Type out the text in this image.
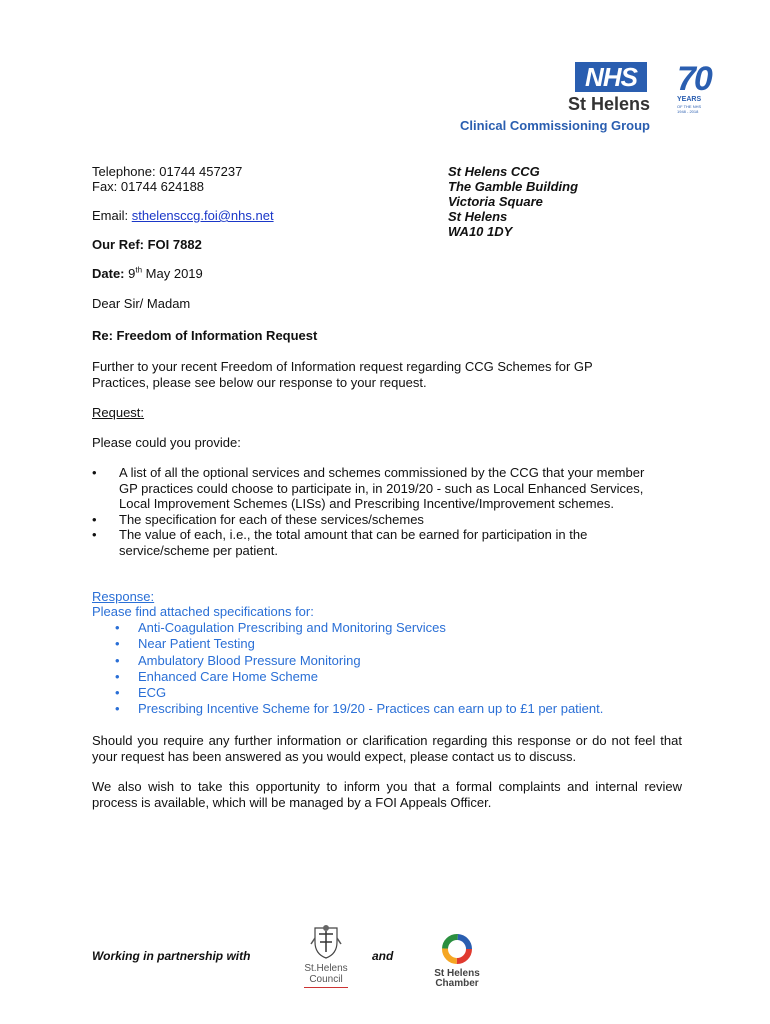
NHS
St Helens
Clinical Commissioning Group
70
YEARS
OF THE NHS
1948 - 2018
Telephone: 01744 457237
Fax: 01744 624188
Email: sthelensccg.foi@nhs.net
St Helens CCG
The Gamble Building
Victoria Square
St Helens
WA10 1DY
Our Ref: FOI 7882
Date: 9th May 2019
Dear Sir/ Madam
Re: Freedom of Information Request
Further to your recent Freedom of Information request regarding CCG Schemes for GP
Practices, please see below our response to your request.
Request:
Please could you provide:
• A list of all the optional services and schemes commissioned by the CCG that your member GP practices could choose to participate in, in 2019/20 - such as Local Enhanced Services, Local Improvement Schemes (LISs) and Prescribing Incentive/Improvement schemes.
• The specification for each of these services/schemes
• The value of each, i.e., the total amount that can be earned for participation in the service/scheme per patient.
Response:
Please find attached specifications for:
• Anti-Coagulation Prescribing and Monitoring Services
• Near Patient Testing
• Ambulatory Blood Pressure Monitoring
• Enhanced Care Home Scheme
• ECG
• Prescribing Incentive Scheme for 19/20 - Practices can earn up to £1 per patient.
Should you require any further information or clarification regarding this response or do not feel that your request has been answered as you would expect, please contact us to discuss.
We also wish to take this opportunity to inform you that a formal complaints and internal review process is available, which will be managed by a FOI Appeals Officer.
Working in partnership with
St.Helens
Council
and
St Helens
Chamber
